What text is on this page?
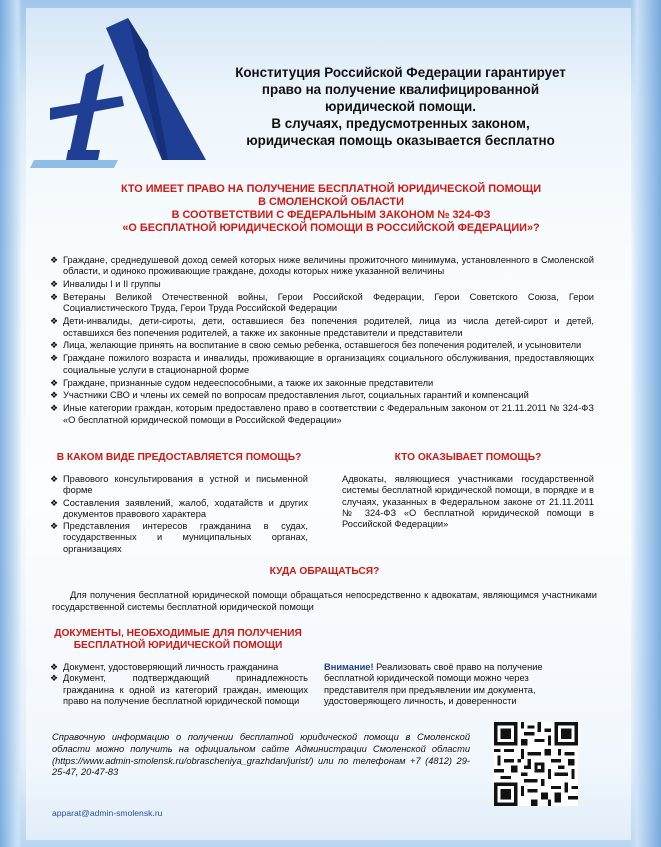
Конституция Российской Федерации гарантирует
право на получение квалифицированной
юридической помощи.
В случаях, предусмотренных законом,
юридическая помощь оказывается бесплатно
КТО ИМЕЕТ ПРАВО НА ПОЛУЧЕНИЕ БЕСПЛАТНОЙ ЮРИДИЧЕСКОЙ ПОМОЩИ
В СМОЛЕНСКОЙ ОБЛАСТИ
В СООТВЕТСТВИИ С ФЕДЕРАЛЬНЫМ ЗАКОНОМ № 324-ФЗ
«О БЕСПЛАТНОЙ ЮРИДИЧЕСКОЙ ПОМОЩИ В РОССИЙСКОЙ ФЕДЕРАЦИИ»?
❖ Граждане, среднедушевой доход семей которых ниже величины прожиточного минимума, установленного в Смоленской области, и одиноко проживающие граждане, доходы которых ниже указанной величины
❖ Инвалиды I и II группы
❖ Ветераны Великой Отечественной войны, Герои Российской Федерации, Герои Советского Союза, Герои Социалистического Труда, Герои Труда Российской Федерации
❖ Дети-инвалиды, дети-сироты, дети, оставшиеся без попечения родителей, лица из числа детей-сирот и детей, оставшихся без попечения родителей, а также их законные представители и представители
❖ Лица, желающие принять на воспитание в свою семью ребенка, оставшегося без попечения родителей, и усыновители
❖ Граждане пожилого возраста и инвалиды, проживающие в организациях социального обслуживания, предоставляющих социальные услуги в стационарной форме
❖ Граждане, признанные судом недееспособными, а также их законные представители
❖ Участники СВО и члены их семей по вопросам предоставления льгот, социальных гарантий и компенсаций
❖ Иные категории граждан, которым предоставлено право в соответствии с Федеральным законом от 21.11.2011 № 324-ФЗ «О бесплатной юридической помощи в Российской Федерации»
В КАКОМ ВИДЕ ПРЕДОСТАВЛЯЕТСЯ ПОМОЩЬ?
❖ Правового консультирования в устной и письменной форме
❖ Составления заявлений, жалоб, ходатайств и других документов правового характера
❖ Представления интересов гражданина в судах, государственных и муниципальных органах, организациях
КТО ОКАЗЫВАЕТ ПОМОЩЬ?
Адвокаты, являющиеся участниками государственной системы бесплатной юридической помощи, в порядке и в случаях, указанных в Федеральном законе от 21.11.2011 № 324-ФЗ «О бесплатной юридической помощи в Российской Федерации»
КУДА ОБРАЩАТЬСЯ?
Для получения бесплатной юридической помощи обращаться непосредственно к адвокатам, являющимся участниками государственной системы бесплатной юридической помощи
ДОКУМЕНТЫ, НЕОБХОДИМЫЕ ДЛЯ ПОЛУЧЕНИЯ
БЕСПЛАТНОЙ ЮРИДИЧЕСКОЙ ПОМОЩИ
❖ Документ, удостоверяющий личность гражданина
❖ Документ, подтверждающий принадлежность гражданина к одной из категорий граждан, имеющих право на получение бесплатной юридической помощи
Внимание! Реализовать своё право на получение бесплатной юридической помощи можно через представителя при предъявлении им документа, удостоверяющего личность, и доверенности
Справочную информацию о получении бесплатной юридической помощи в Смоленской области можно получить на официальном сайте Администрации Смоленской области (https://www.admin-smolensk.ru/obrascheniya_grazhdan/jurist/) или по телефонам +7 (4812) 29-25-47, 20-47-83
apparat@admin-smolensk.ru
